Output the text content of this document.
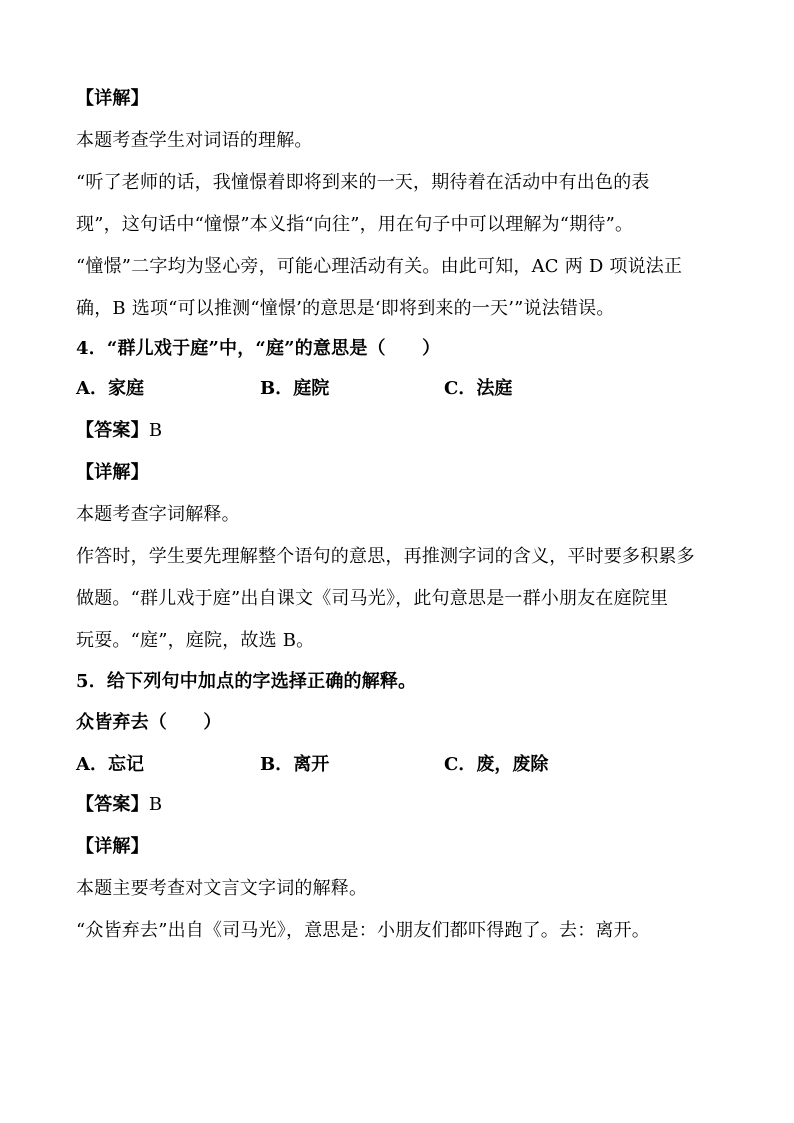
【详解】
本题考查学生对词语的理解。
“听了老师的话，我憧憬着即将到来的一天，期待着在活动中有出色的表
现”，这句话中“憧憬”本义指“向往”，用在句子中可以理解为“期待”。
“憧憬”二字均为竖心旁，可能心理活动有关。由此可知，AC 两 D 项说法正
确，B 选项“可以推测“憧憬’的意思是‘即将到来的一天’”说法错误。
4．“群儿戏于庭”中，“庭”的意思是（　　）
A．家庭	B．庭院	C．法庭
【答案】B
【详解】
本题考查字词解释。
作答时，学生要先理解整个语句的意思，再推测字词的含义，平时要多积累多
做题。“群儿戏于庭”出自课文《司马光》，此句意思是一群小朋友在庭院里
玩耍。“庭”，庭院，故选 B。
5．给下列句中加点的字选择正确的解释。
众皆弃去（　　）
A．忘记	B．离开	C．废，废除
【答案】B
【详解】
本题主要考查对文言文字词的解释。
“众皆弃去”出自《司马光》，意思是：小朋友们都吓得跑了。去：离开。
